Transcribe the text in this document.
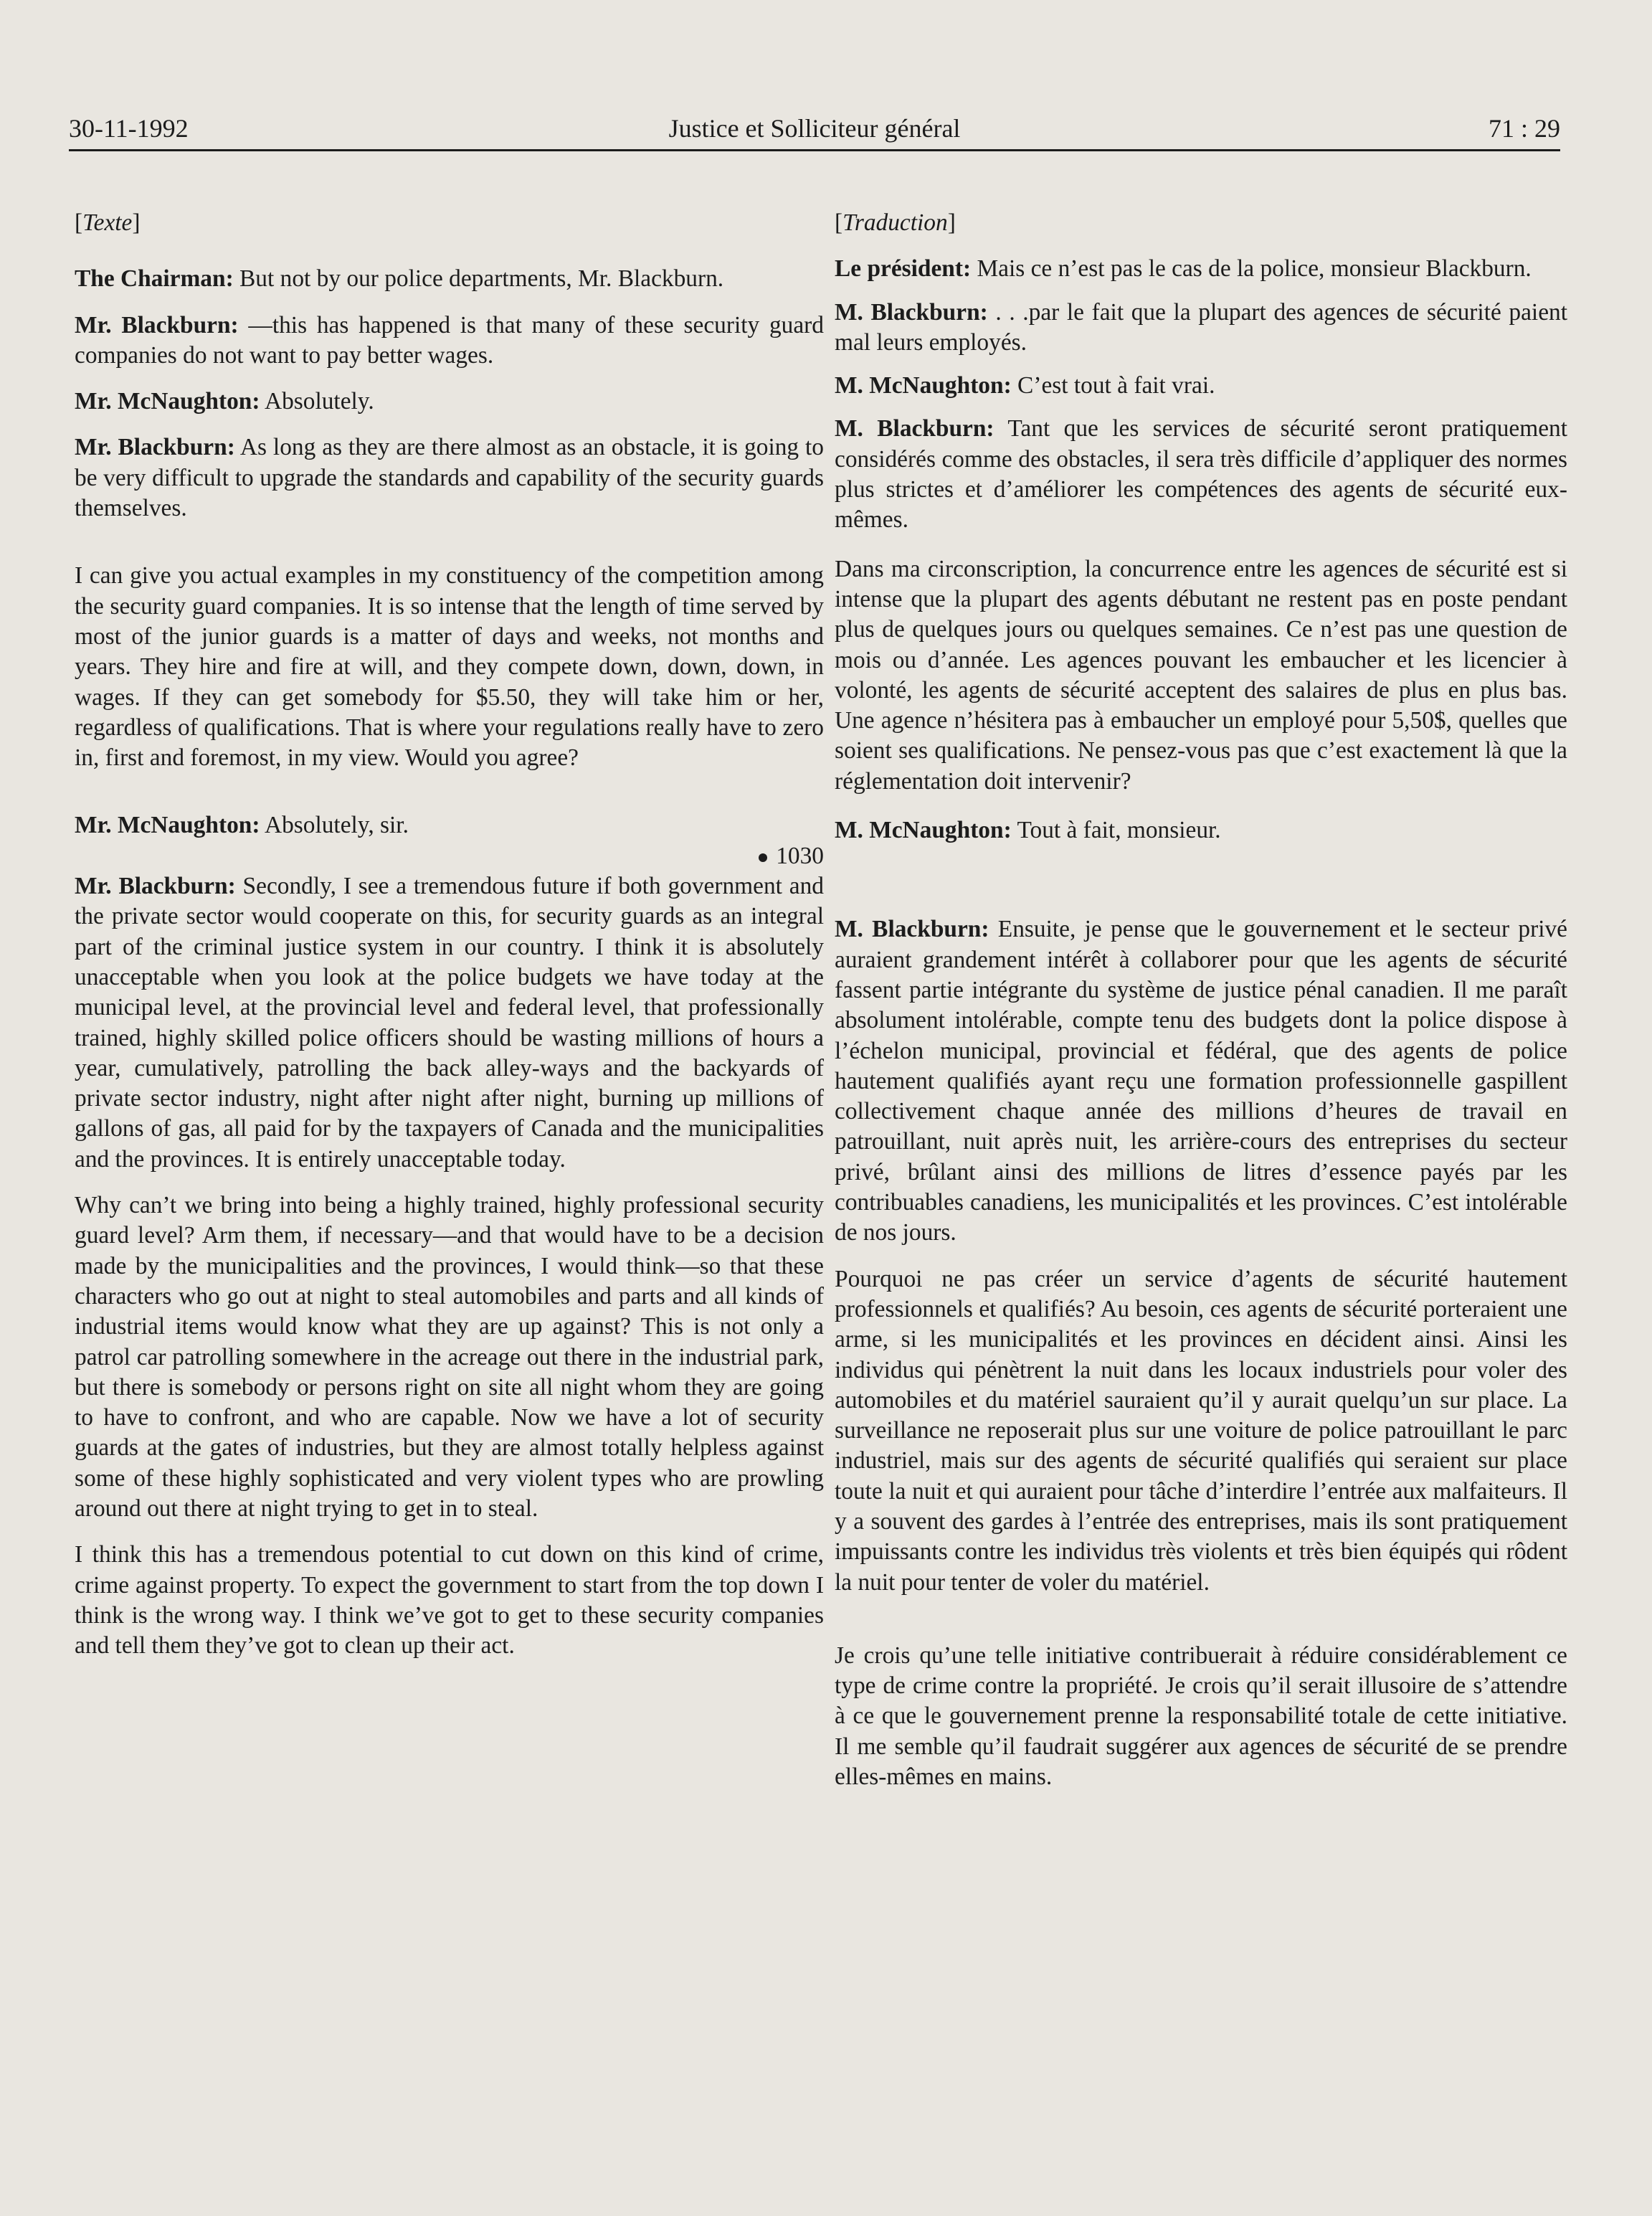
30-11-1992	Justice et Solliciteur général	71 : 29

[Texte]

The Chairman: But not by our police departments, Mr. Blackburn.

Mr. Blackburn: —this has happened is that many of these security guard companies do not want to pay better wages.

Mr. McNaughton: Absolutely.

Mr. Blackburn: As long as they are there almost as an obstacle, it is going to be very difficult to upgrade the standards and capability of the security guards themselves.

I can give you actual examples in my constituency of the competition among the security guard companies. It is so intense that the length of time served by most of the junior guards is a matter of days and weeks, not months and years. They hire and fire at will, and they compete down, down, down, in wages. If they can get somebody for $5.50, they will take him or her, regardless of qualifications. That is where your regulations really have to zero in, first and foremost, in my view. Would you agree?

Mr. McNaughton: Absolutely, sir.

1030

Mr. Blackburn: Secondly, I see a tremendous future if both government and the private sector would cooperate on this, for security guards as an integral part of the criminal justice system in our country. I think it is absolutely unacceptable when you look at the police budgets we have today at the municipal level, at the provincial level and federal level, that professionally trained, highly skilled police officers should be wasting millions of hours a year, cumulatively, patrolling the back alley-ways and the backyards of private sector industry, night after night after night, burning up millions of gallons of gas, all paid for by the taxpayers of Canada and the municipalities and the provinces. It is entirely unacceptable today.

Why can’t we bring into being a highly trained, highly professional security guard level? Arm them, if necessary—and that would have to be a decision made by the municipalities and the provinces, I would think—so that these characters who go out at night to steal automobiles and parts and all kinds of industrial items would know what they are up against? This is not only a patrol car patrolling somewhere in the acreage out there in the industrial park, but there is somebody or persons right on site all night whom they are going to have to confront, and who are capable. Now we have a lot of security guards at the gates of industries, but they are almost totally helpless against some of these highly sophisticated and very violent types who are prowling around out there at night trying to get in to steal.

I think this has a tremendous potential to cut down on this kind of crime, crime against property. To expect the government to start from the top down I think is the wrong way. I think we’ve got to get to these security companies and tell them they’ve got to clean up their act.

[Traduction]

Le président: Mais ce n’est pas le cas de la police, monsieur Blackburn.

M. Blackburn: . . .par le fait que la plupart des agences de sécurité paient mal leurs employés.

M. McNaughton: C’est tout à fait vrai.

M. Blackburn: Tant que les services de sécurité seront pratiquement considérés comme des obstacles, il sera très difficile d’appliquer des normes plus strictes et d’améliorer les compétences des agents de sécurité eux-mêmes.

Dans ma circonscription, la concurrence entre les agences de sécurité est si intense que la plupart des agents débutant ne restent pas en poste pendant plus de quelques jours ou quelques semaines. Ce n’est pas une question de mois ou d’année. Les agences pouvant les embaucher et les licencier à volonté, les agents de sécurité acceptent des salaires de plus en plus bas. Une agence n’hésitera pas à embaucher un employé pour 5,50$, quelles que soient ses qualifications. Ne pensez-vous pas que c’est exactement là que la réglementation doit intervenir?

M. McNaughton: Tout à fait, monsieur.

M. Blackburn: Ensuite, je pense que le gouvernement et le secteur privé auraient grandement intérêt à collaborer pour que les agents de sécurité fassent partie intégrante du système de justice pénal canadien. Il me paraît absolument intolérable, compte tenu des budgets dont la police dispose à l’échelon municipal, provincial et fédéral, que des agents de police hautement qualifiés ayant reçu une formation professionnelle gaspillent collectivement chaque année des millions d’heures de travail en patrouillant, nuit après nuit, les arrière-cours des entreprises du secteur privé, brûlant ainsi des millions de litres d’essence payés par les contribuables canadiens, les municipalités et les provinces. C’est intolérable de nos jours.

Pourquoi ne pas créer un service d’agents de sécurité hautement professionnels et qualifiés? Au besoin, ces agents de sécurité porteraient une arme, si les municipalités et les provinces en décident ainsi. Ainsi les individus qui pénètrent la nuit dans les locaux industriels pour voler des automobiles et du matériel sauraient qu’il y aurait quelqu’un sur place. La surveillance ne reposerait plus sur une voiture de police patrouillant le parc industriel, mais sur des agents de sécurité qualifiés qui seraient sur place toute la nuit et qui auraient pour tâche d’interdire l’entrée aux malfaiteurs. Il y a souvent des gardes à l’entrée des entreprises, mais ils sont pratiquement impuissants contre les individus très violents et très bien équipés qui rôdent la nuit pour tenter de voler du matériel.

Je crois qu’une telle initiative contribuerait à réduire considérablement ce type de crime contre la propriété. Je crois qu’il serait illusoire de s’attendre à ce que le gouvernement prenne la responsabilité totale de cette initiative. Il me semble qu’il faudrait suggérer aux agences de sécurité de se prendre elles-mêmes en mains.
